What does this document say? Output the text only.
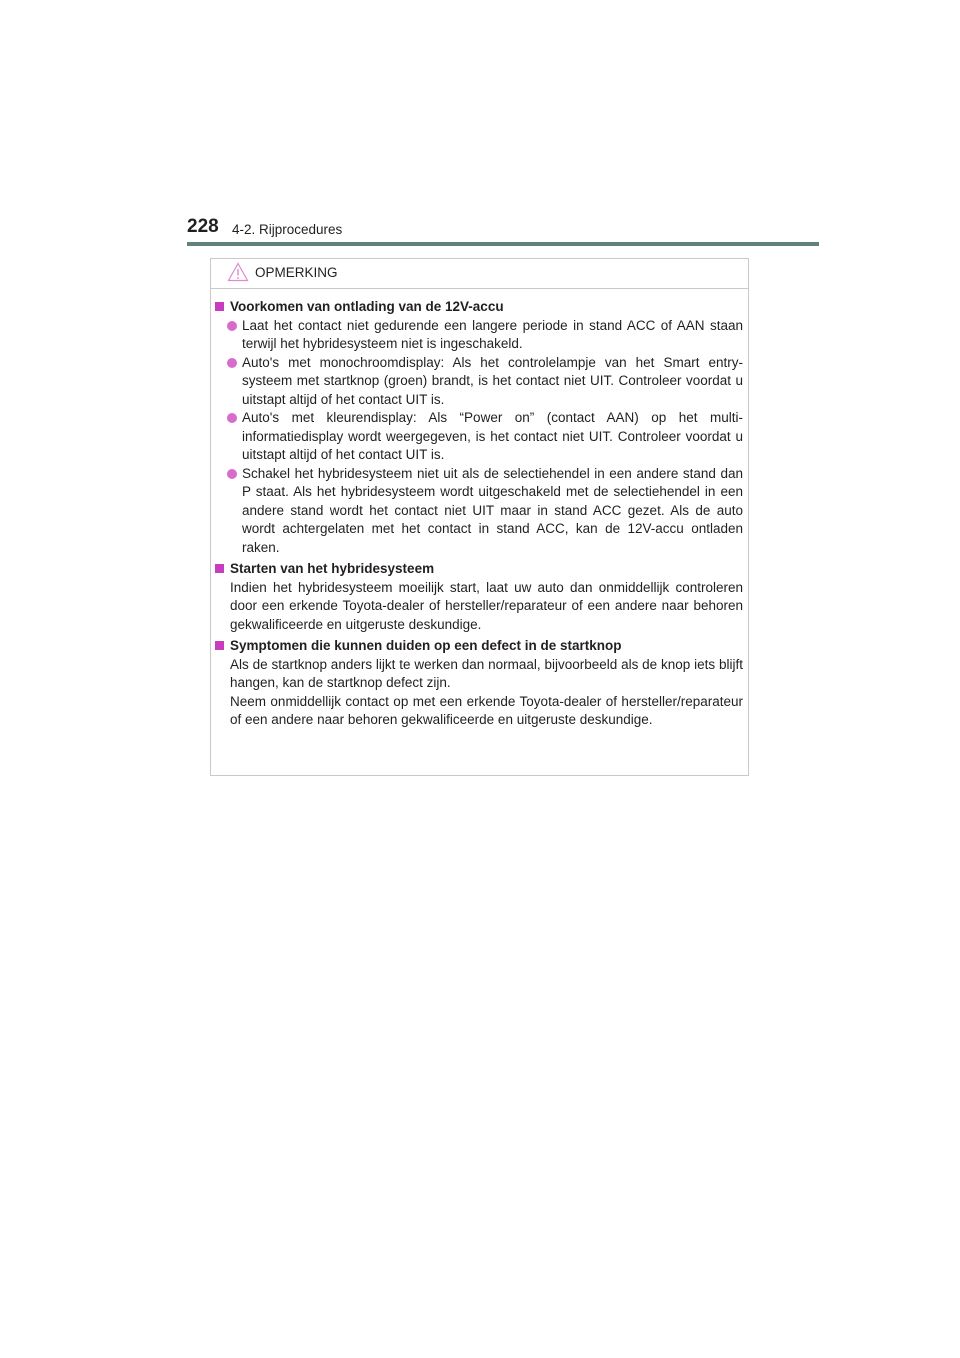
228 4-2. Rijprocedures
OPMERKING
Voorkomen van ontlading van de 12V-accu
Laat het contact niet gedurende een langere periode in stand ACC of AAN staan terwijl het hybridesysteem niet is ingeschakeld.
Auto's met monochroomdisplay: Als het controlelampje van het Smart entry-systeem met startknop (groen) brandt, is het contact niet UIT. Controleer voordat u uitstapt altijd of het contact UIT is.
Auto's met kleurendisplay: Als “Power on” (contact AAN) op het multi-informatiedisplay wordt weergegeven, is het contact niet UIT. Controleer voordat u uitstapt altijd of het contact UIT is.
Schakel het hybridesysteem niet uit als de selectiehendel in een andere stand dan P staat. Als het hybridesysteem wordt uitgeschakeld met de selectiehendel in een andere stand wordt het contact niet UIT maar in stand ACC gezet. Als de auto wordt achtergelaten met het contact in stand ACC, kan de 12V-accu ontladen raken.
Starten van het hybridesysteem
Indien het hybridesysteem moeilijk start, laat uw auto dan onmiddellijk controleren door een erkende Toyota-dealer of hersteller/reparateur of een andere naar behoren gekwalificeerde en uitgeruste deskundige.
Symptomen die kunnen duiden op een defect in de startknop
Als de startknop anders lijkt te werken dan normaal, bijvoorbeeld als de knop iets blijft hangen, kan de startknop defect zijn.
Neem onmiddellijk contact op met een erkende Toyota-dealer of hersteller/reparateur of een andere naar behoren gekwalificeerde en uitgeruste deskundige.
